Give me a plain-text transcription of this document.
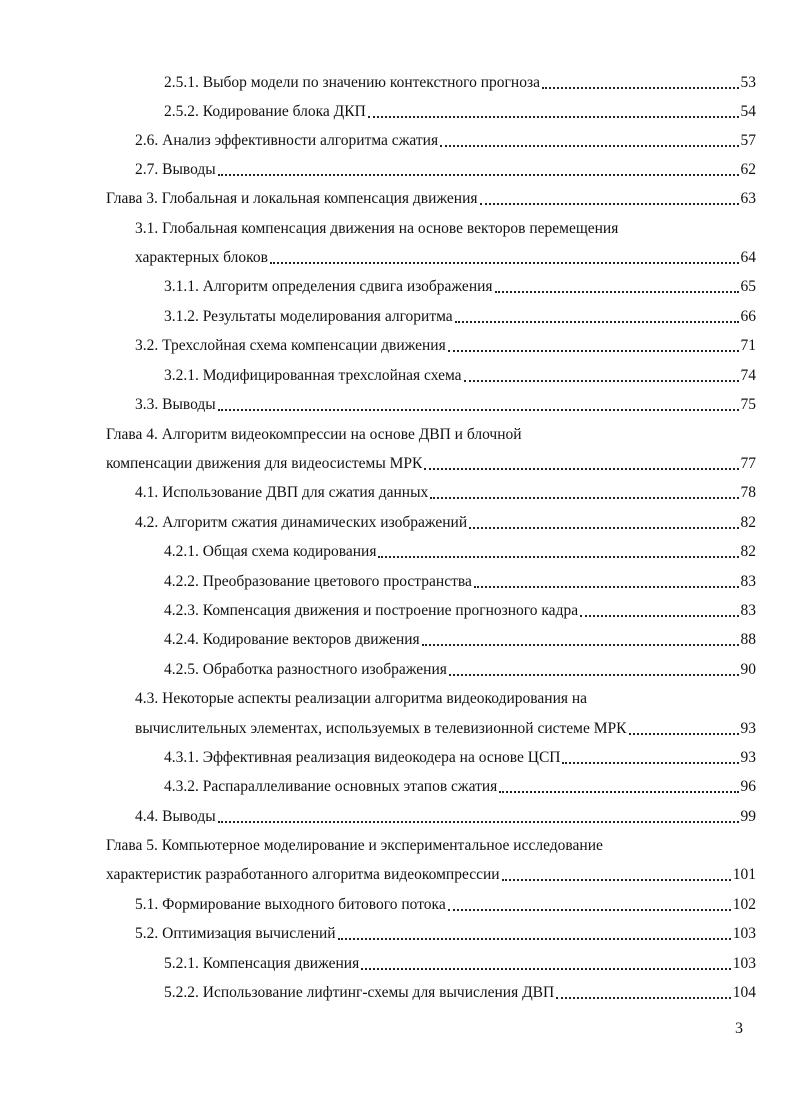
2.5.1. Выбор модели по значению контекстного прогноза	53
2.5.2. Кодирование блока ДКП	54
2.6. Анализ эффективности алгоритма сжатия	57
2.7. Выводы	62
Глава 3. Глобальная и локальная компенсация движения	63
3.1. Глобальная компенсация движения на основе векторов перемещения
характерных блоков	64
3.1.1. Алгоритм определения сдвига изображения	65
3.1.2. Результаты моделирования алгоритма	66
3.2. Трехслойная схема компенсации движения	71
3.2.1. Модифицированная трехслойная схема	74
3.3. Выводы	75
Глава 4. Алгоритм видеокомпрессии на основе ДВП и блочной
компенсации движения для видеосистемы МРК	77
4.1. Использование ДВП для сжатия данных	78
4.2. Алгоритм сжатия динамических изображений	82
4.2.1. Общая схема кодирования	82
4.2.2. Преобразование цветового пространства	83
4.2.3. Компенсация движения и построение прогнозного кадра	83
4.2.4. Кодирование векторов движения	88
4.2.5. Обработка разностного изображения	90
4.3. Некоторые аспекты реализации алгоритма видеокодирования на
вычислительных элементах, используемых в телевизионной системе МРК	93
4.3.1. Эффективная реализация видеокодера на основе ЦСП	93
4.3.2. Распараллеливание основных этапов сжатия	96
4.4. Выводы	99
Глава 5. Компьютерное моделирование и экспериментальное исследование
характеристик разработанного алгоритма видеокомпрессии	101
5.1. Формирование выходного битового потока	102
5.2. Оптимизация вычислений	103
5.2.1. Компенсация движения	103
5.2.2. Использование лифтинг-схемы для вычисления ДВП	104
3
